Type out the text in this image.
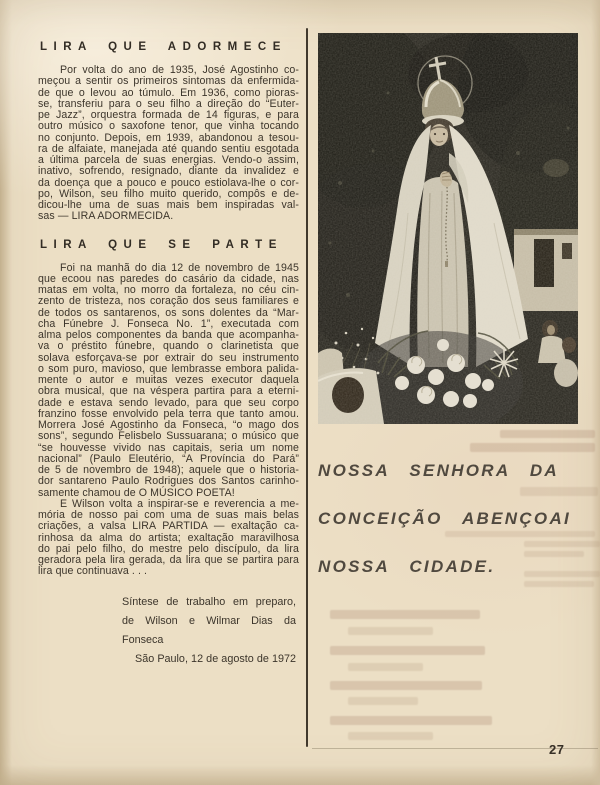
LIRA QUE ADORMECE
Por volta do ano de 1935, José Agostinho co-
meçou a sentir os primeiros sintomas da enfermida-
de que o levou ao túmulo. Em 1936, como pioras-
se, transferiu para o seu filho a direção do “Euter-
pe Jazz”, orquestra formada de 14 figuras, e para
outro músico o saxofone tenor, que vinha tocando
no conjunto. Depois, em 1939, abandonou a tesou-
ra de alfaiate, manejada até quando sentiu esgotada
a última parcela de suas energias. Vendo-o assim,
inativo, sofrendo, resignado, diante da invalidez e
da doença que a pouco e pouco estiolava-lhe o cor-
po, Wilson, seu filho muito querido, compôs e de-
dicou-lhe uma de suas mais bem inspiradas val-
sas — LIRA ADORMECIDA.
LIRA QUE SE PARTE
Foi na manhã do dia 12 de novembro de 1945
que ecoou nas paredes do casário da cidade, nas
matas em volta, no morro da fortaleza, no céu cin-
zento de tristeza, nos coração dos seus familiares e
de todos os santarenos, os sons dolentes da “Mar-
cha Fúnebre J. Fonseca No. 1”, executada com
alma pelos componentes da banda que acompanha-
va o préstito fúnebre, quando o clarinetista que
solava esforçava-se por extrair do seu instrumento
o som puro, mavioso, que lembrasse embora palida-
mente o autor e muitas vezes executor daquela
obra musical, que na véspera partira para a eterni-
dade e estava sendo levado, para que seu corpo
franzino fosse envolvido pela terra que tanto amou.
Morrera José Agostinho da Fonseca, “o mago dos
sons”, segundo Felisbelo Sussuarana; o músico que
“se houvesse vivido nas capitais, seria um nome
nacional” (Paulo Eleutério, “A Província do Pará”
de 5 de novembro de 1948); aquele que o historia-
dor santareno Paulo Rodrigues dos Santos carinho-
samente chamou de O MÚSICO POETA!
E Wilson volta a inspirar-se e reverencia a me-
mória de nosso pai com uma de suas mais belas
criações, a valsa LIRA PARTIDA — exaltação ca-
rinhosa da alma do artista; exaltação maravilhosa
do pai pelo filho, do mestre pelo discípulo, da lira
geradora pela lira gerada, da lira que se partira para
lira que continuava . . .
Síntese de trabalho em preparo,
de Wilson e Wilmar Dias da
Fonseca
São Paulo, 12 de agosto de 1972
NOSSA SENHORA DA
CONCEIÇÃO ABENÇOAI
NOSSA CIDADE.
27
